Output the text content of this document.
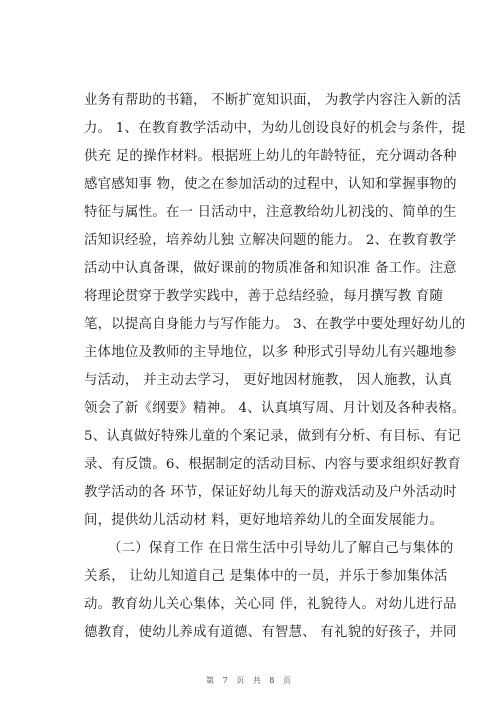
业务有帮助的书籍， 不断扩宽知识面， 为教学内容注入新的活
力。 1、在教育教学活动中，为幼儿创设良好的机会与条件，提
供充 足的操作材料。根据班上幼儿的年龄特征，充分调动各种
感官感知事 物，使之在参加活动的过程中，认知和掌握事物的
特征与属性。在一 日活动中，注意教给幼儿初浅的、简单的生
活知识经验，培养幼儿独 立解决问题的能力。 2、在教育教学
活动中认真备课，做好课前的物质准备和知识准 备工作。注意
将理论贯穿于教学实践中，善于总结经验，每月撰写教 育随
笔，以提高自身能力与写作能力。 3、在教学中要处理好幼儿的
主体地位及教师的主导地位，以多 种形式引导幼儿有兴趣地参
与活动， 并主动去学习， 更好地因材施教， 因人施教，认真
领会了新《纲要》精神。 4、认真填写周、月计划及各种表格。
5、认真做好特殊儿童的个案记录，做到有分析、有目标、有记
录、有反馈。6、根据制定的活动目标、内容与要求组织好教育
教学活动的各 环节，保证好幼儿每天的游戏活动及户外活动时
间，提供幼儿活动材 料，更好地培养幼儿的全面发展能力。
（二）保育工作 在日常生活中引导幼儿了解自己与集体的
关系， 让幼儿知道自己 是集体中的一员，并乐于参加集体活
动。教育幼儿关心集体，关心同 伴，礼貌待人。对幼儿进行品
德教育，使幼儿养成有道德、有智慧、 有礼貌的好孩子，并同
第 7 页 共 8 页
